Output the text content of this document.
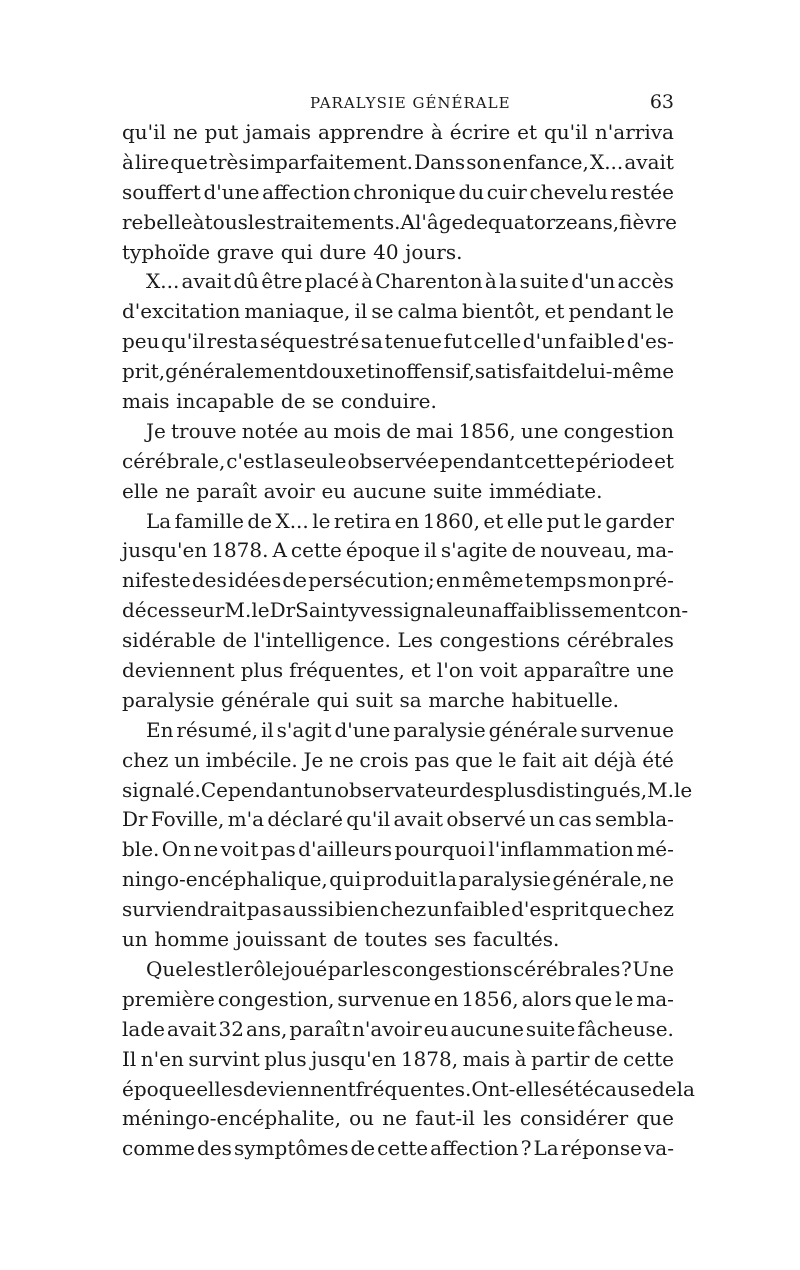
PARALYSIE GÉNÉRALE	63
qu'il ne put jamais apprendre à écrire et qu'il n'arriva
à lire que très imparfaitement. Dans son enfance, X... avait
souffert d'une affection chronique du cuir chevelu restée
rebelle à tous les traitements. A l'âge de quatorze ans, fièvre
typhoïde grave qui dure 40 jours.
X... avait dû être placé à Charenton à la suite d'un accès
d'excitation maniaque, il se calma bientôt, et pendant le
peu qu'il resta séquestré sa tenue fut celle d'un faible d'es-
prit, généralement doux et inoffensif, satisfait de lui-même
mais incapable de se conduire.
Je trouve notée au mois de mai 1856, une congestion
cérébrale, c'est la seule observée pendant cette période et
elle ne paraît avoir eu aucune suite immédiate.
La famille de X... le retira en 1860, et elle put le garder
jusqu'en 1878. A cette époque il s'agite de nouveau, ma-
nifeste des idées de persécution; en même temps mon pré-
décesseur M. le Dr Saintyves signale un affaiblissement con-
sidérable de l'intelligence. Les congestions cérébrales
deviennent plus fréquentes, et l'on voit apparaître une
paralysie générale qui suit sa marche habituelle.
En résumé, il s'agit d'une paralysie générale survenue
chez un imbécile. Je ne crois pas que le fait ait déjà été
signalé. Cependant un observateur des plus distingués, M. le
Dr Foville, m'a déclaré qu'il avait observé un cas sembla-
ble. On ne voit pas d'ailleurs pourquoi l'inflammation mé-
ningo-encéphalique, qui produit la paralysie générale, ne
surviendrait pas aussi bien chez un faible d'esprit que chez
un homme jouissant de toutes ses facultés.
Quel est le rôle joué par les congestions cérébrales ? Une
première congestion, survenue en 1856, alors que le ma-
lade avait 32 ans, paraît n'avoir eu aucune suite fâcheuse.
Il n'en survint plus jusqu'en 1878, mais à partir de cette
époque elles deviennent fréquentes. Ont-elles été cause de la
méningo-encéphalite, ou ne faut-il les considérer que
comme des symptômes de cette affection ? La réponse va-
